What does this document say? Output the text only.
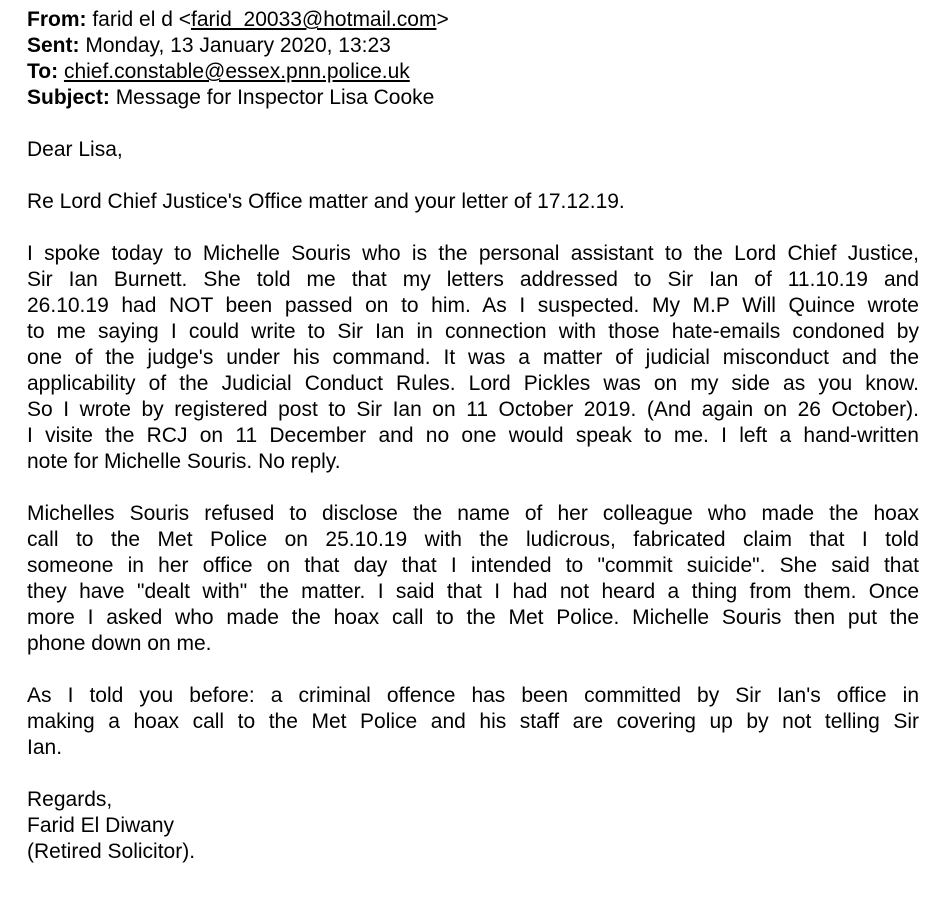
From: farid el d <farid_20033@hotmail.com>
Sent: Monday, 13 January 2020, 13:23
To: chief.constable@essex.pnn.police.uk
Subject: Message for Inspector Lisa Cooke
Dear Lisa,
Re Lord Chief Justice's Office matter and your letter of 17.12.19.
I spoke today to Michelle Souris who is the personal assistant to the Lord Chief Justice,
Sir Ian Burnett. She told me that my letters addressed to Sir Ian of 11.10.19 and
26.10.19 had NOT been passed on to him. As I suspected. My M.P Will Quince wrote
to me saying I could write to Sir Ian in connection with those hate-emails condoned by
one of the judge's under his command. It was a matter of judicial misconduct and the
applicability of the Judicial Conduct Rules. Lord Pickles was on my side as you know.
So I wrote by registered post to Sir Ian on 11 October 2019. (And again on 26 October).
I visite the RCJ on 11 December and no one would speak to me. I left a hand-written
note for Michelle Souris. No reply.
Michelles Souris refused to disclose the name of her colleague who made the hoax
call to the Met Police on 25.10.19 with the ludicrous, fabricated claim that I told
someone in her office on that day that I intended to "commit suicide". She said that
they have "dealt with" the matter. I said that I had not heard a thing from them. Once
more I asked who made the hoax call to the Met Police. Michelle Souris then put the
phone down on me.
As I told you before: a criminal offence has been committed by Sir Ian's office in
making a hoax call to the Met Police and his staff are covering up by not telling Sir
Ian.
Regards,
Farid El Diwany
(Retired Solicitor).
